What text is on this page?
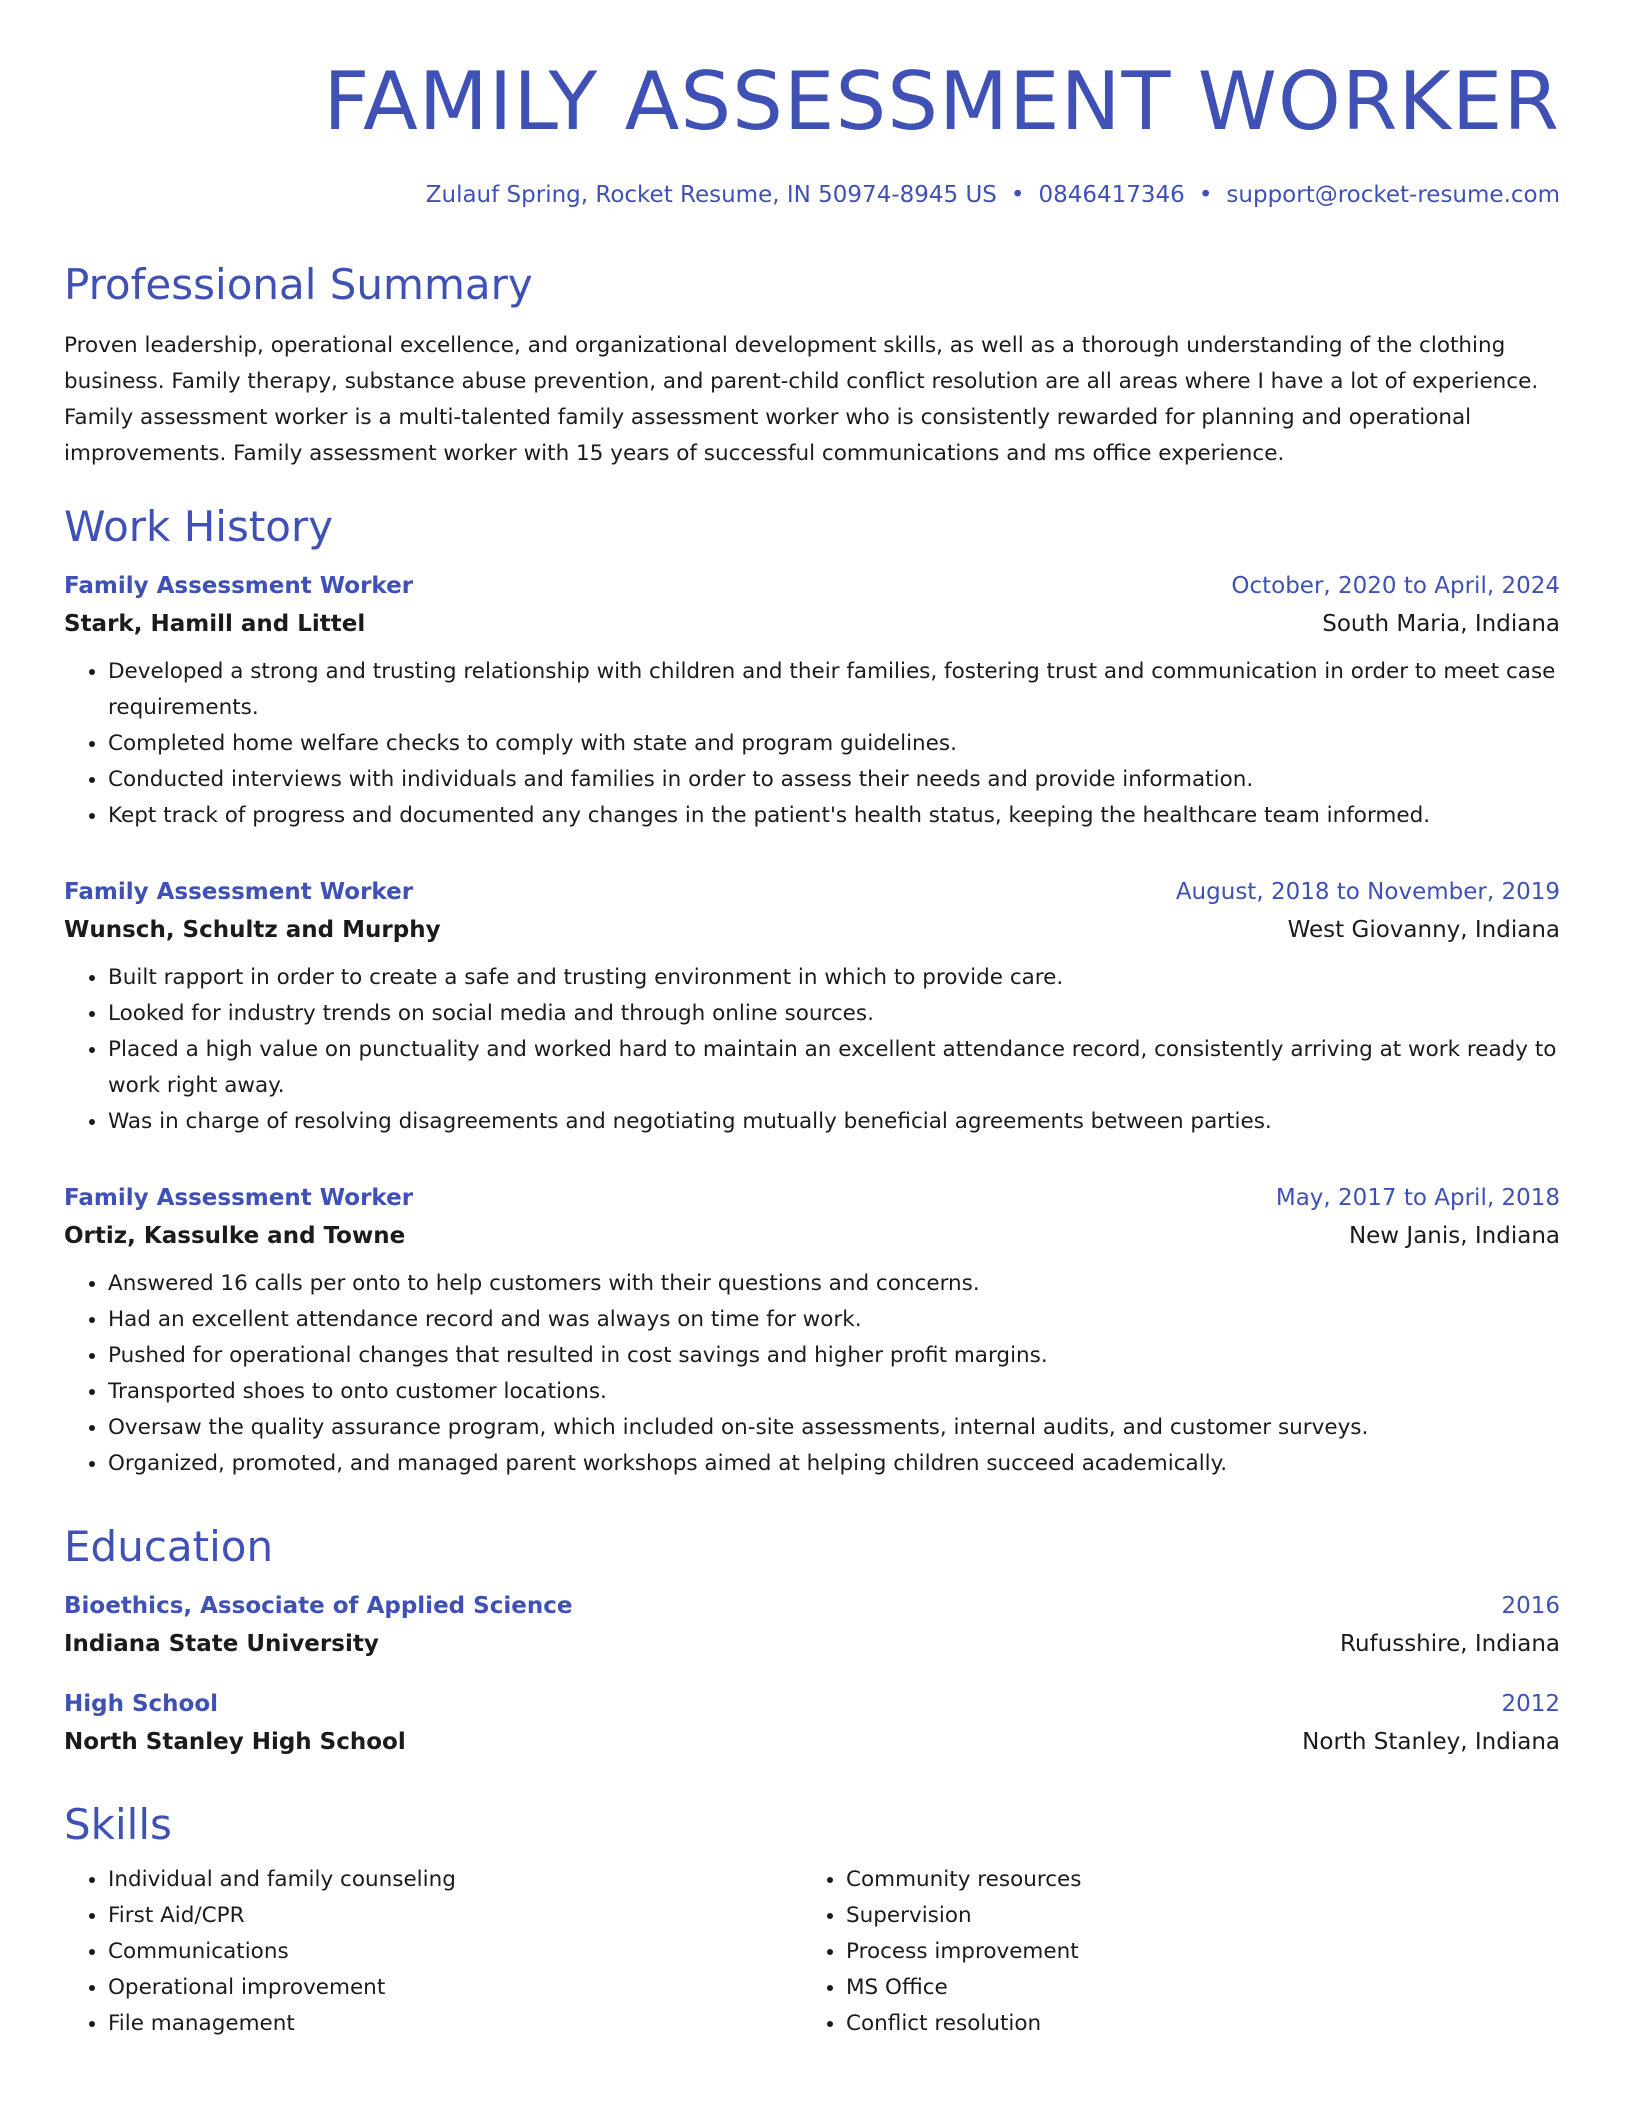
FAMILY ASSESSMENT WORKER
Zulauf Spring, Rocket Resume, IN 50974-8945 US • 0846417346 • support@rocket-resume.com
Professional Summary

Proven leadership, operational excellence, and organizational development skills, as well as a thorough understanding of the clothing business. Family therapy, substance abuse prevention, and parent-child conflict resolution are all areas where I have a lot of experience. Family assessment worker is a multi-talented family assessment worker who is consistently rewarded for planning and operational improvements. Family assessment worker with 15 years of successful communications and ms office experience.

Work History
Family Assessment Worker	October, 2020 to April, 2024
Stark, Hamill and Littel	South Maria, Indiana
• Developed a strong and trusting relationship with children and their families, fostering trust and communication in order to meet case requirements.
• Completed home welfare checks to comply with state and program guidelines.
• Conducted interviews with individuals and families in order to assess their needs and provide information.
• Kept track of progress and documented any changes in the patient's health status, keeping the healthcare team informed.
Family Assessment Worker	August, 2018 to November, 2019
Wunsch, Schultz and Murphy	West Giovanny, Indiana
• Built rapport in order to create a safe and trusting environment in which to provide care.
• Looked for industry trends on social media and through online sources.
• Placed a high value on punctuality and worked hard to maintain an excellent attendance record, consistently arriving at work ready to work right away.
• Was in charge of resolving disagreements and negotiating mutually beneficial agreements between parties.
Family Assessment Worker	May, 2017 to April, 2018
Ortiz, Kassulke and Towne	New Janis, Indiana
• Answered 16 calls per onto to help customers with their questions and concerns.
• Had an excellent attendance record and was always on time for work.
• Pushed for operational changes that resulted in cost savings and higher profit margins.
• Transported shoes to onto customer locations.
• Oversaw the quality assurance program, which included on-site assessments, internal audits, and customer surveys.
• Organized, promoted, and managed parent workshops aimed at helping children succeed academically.
Education
Bioethics, Associate of Applied Science	2016
Indiana State University	Rufusshire, Indiana
High School	2012
North Stanley High School	North Stanley, Indiana
Skills
• Individual and family counseling
• First Aid/CPR
• Communications
• Operational improvement
• File management
• Community resources
• Supervision
• Process improvement
• MS Office
• Conflict resolution
